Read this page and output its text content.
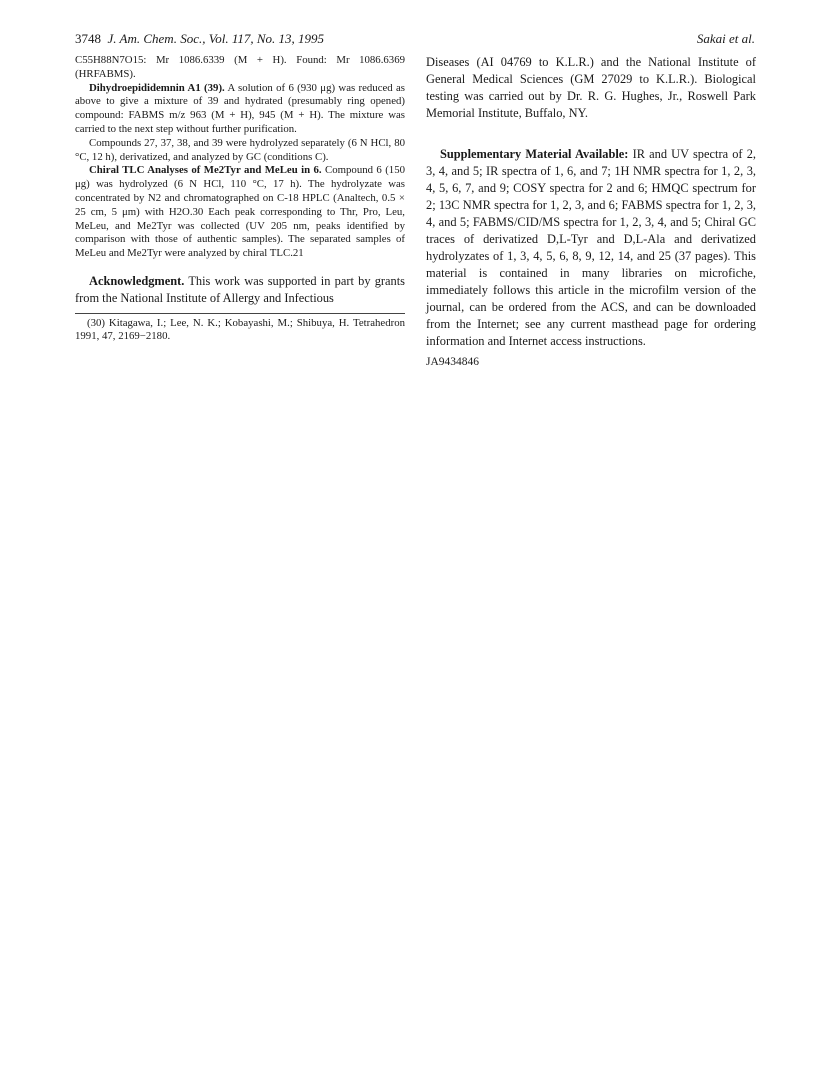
3748 J. Am. Chem. Soc., Vol. 117, No. 13, 1995	Sakai et al.

C55H88N7O15: Mr 1086.6339 (M + H). Found: Mr 1086.6369 (HRFABMS).

Dihydroepididemnin A1 (39). A solution of 6 (930 μg) was reduced as above to give a mixture of 39 and hydrated (presumably ring opened) compound: FABMS m/z 963 (M + H), 945 (M + H). The mixture was carried to the next step without further purification.

Compounds 27, 37, 38, and 39 were hydrolyzed separately (6 N HCl, 80 °C, 12 h), derivatized, and analyzed by GC (conditions C).

Chiral TLC Analyses of Me2Tyr and MeLeu in 6. Compound 6 (150 μg) was hydrolyzed (6 N HCl, 110 °C, 17 h). The hydrolyzate was concentrated by N2 and chromatographed on C-18 HPLC (Analtech, 0.5 × 25 cm, 5 μm) with H2O.30 Each peak corresponding to Thr, Pro, Leu, MeLeu, and Me2Tyr was collected (UV 205 nm, peaks identified by comparison with those of authentic samples). The separated samples of MeLeu and Me2Tyr were analyzed by chiral TLC.21

Acknowledgment. This work was supported in part by grants from the National Institute of Allergy and Infectious

(30) Kitagawa, I.; Lee, N. K.; Kobayashi, M.; Shibuya, H. Tetrahedron 1991, 47, 2169−2180.

Diseases (AI 04769 to K.L.R.) and the National Institute of General Medical Sciences (GM 27029 to K.L.R.). Biological testing was carried out by Dr. R. G. Hughes, Jr., Roswell Park Memorial Institute, Buffalo, NY.

Supplementary Material Available: IR and UV spectra of 2, 3, 4, and 5; IR spectra of 1, 6, and 7; 1H NMR spectra for 1, 2, 3, 4, 5, 6, 7, and 9; COSY spectra for 2 and 6; HMQC spectrum for 2; 13C NMR spectra for 1, 2, 3, and 6; FABMS spectra for 1, 2, 3, 4, and 5; FABMS/CID/MS spectra for 1, 2, 3, 4, and 5; Chiral GC traces of derivatized D,L-Tyr and D,L-Ala and derivatized hydrolyzates of 1, 3, 4, 5, 6, 8, 9, 12, 14, and 25 (37 pages). This material is contained in many libraries on microfiche, immediately follows this article in the microfilm version of the journal, can be ordered from the ACS, and can be downloaded from the Internet; see any current masthead page for ordering information and Internet access instructions.

JA9434846
